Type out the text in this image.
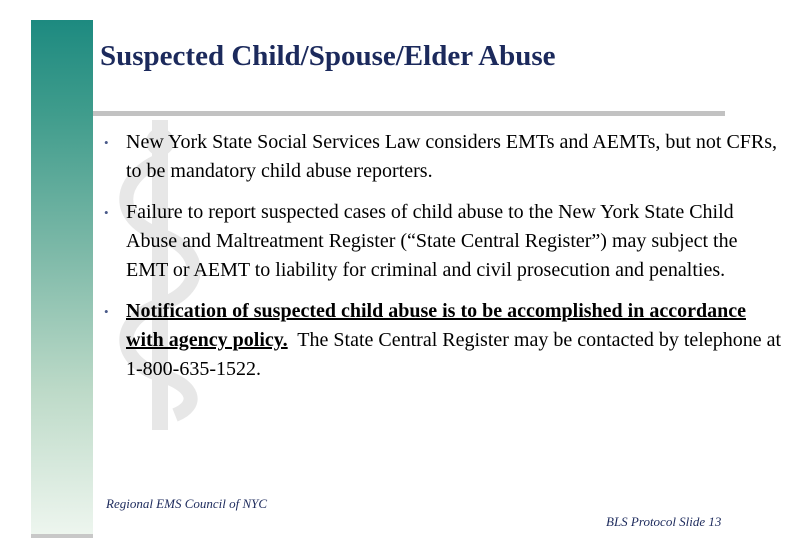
Suspected Child/Spouse/Elder Abuse
• New York State Social Services Law considers EMTs and AEMTs, but not CFRs, to be mandatory child abuse reporters.
• Failure to report suspected cases of child abuse to the New York State Child Abuse and Maltreatment Register (“State Central Register”) may subject the EMT or AEMT to liability for criminal and civil prosecution and penalties.
• Notification of suspected child abuse is to be accomplished in accordance with agency policy.  The State Central Register may be contacted by telephone at 1-800-635-1522.

Regional EMS Council of NYC

BLS Protocol Slide 13
